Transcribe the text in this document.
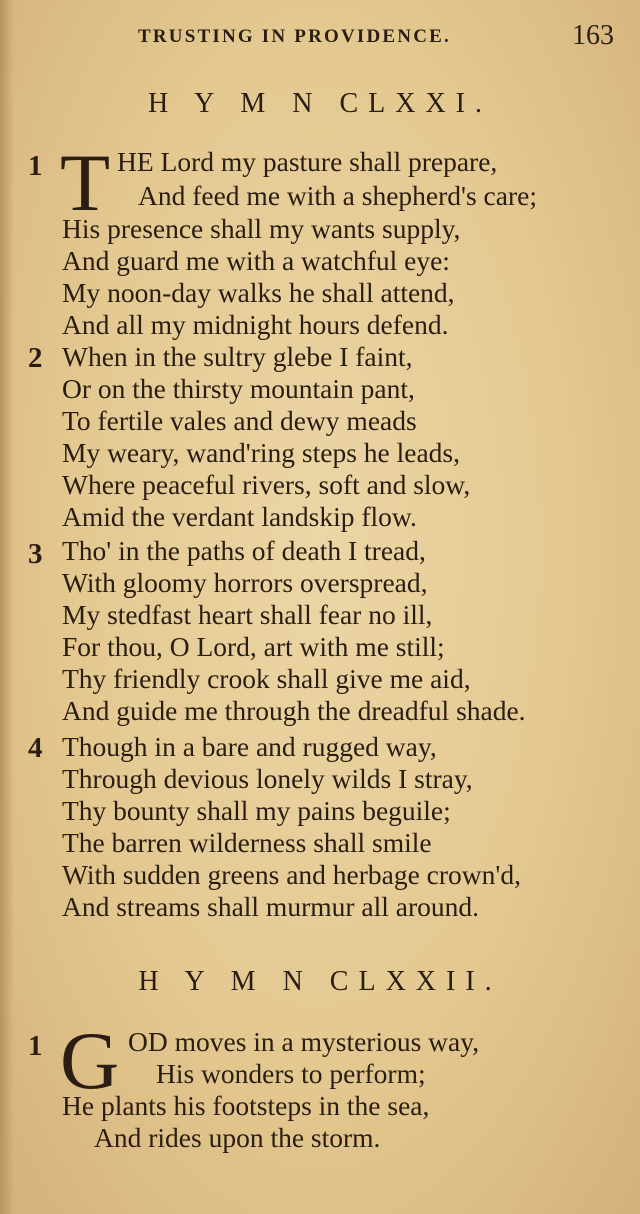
TRUSTING IN PROVIDENCE.	163
H Y M N CLXXI.
1 T HE Lord my pasture shall prepare,
And feed me with a shepherd's care;
His presence shall my wants supply,
And guard me with a watchful eye:
My noon-day walks he shall attend,
And all my midnight hours defend.
2 When in the sultry glebe I faint,
Or on the thirsty mountain pant,
To fertile vales and dewy meads
My weary, wand'ring steps he leads,
Where peaceful rivers, soft and slow,
Amid the verdant landskip flow.
3 Tho' in the paths of death I tread,
With gloomy horrors overspread,
My stedfast heart shall fear no ill,
For thou, O Lord, art with me still;
Thy friendly crook shall give me aid,
And guide me through the dreadful shade.
4 Though in a bare and rugged way,
Through devious lonely wilds I stray,
Thy bounty shall my pains beguile;
The barren wilderness shall smile
With sudden greens and herbage crown'd,
And streams shall murmur all around.
H Y M N CLXXII.
1 G OD moves in a mysterious way,
His wonders to perform;
He plants his footsteps in the sea,
And rides upon the storm.
